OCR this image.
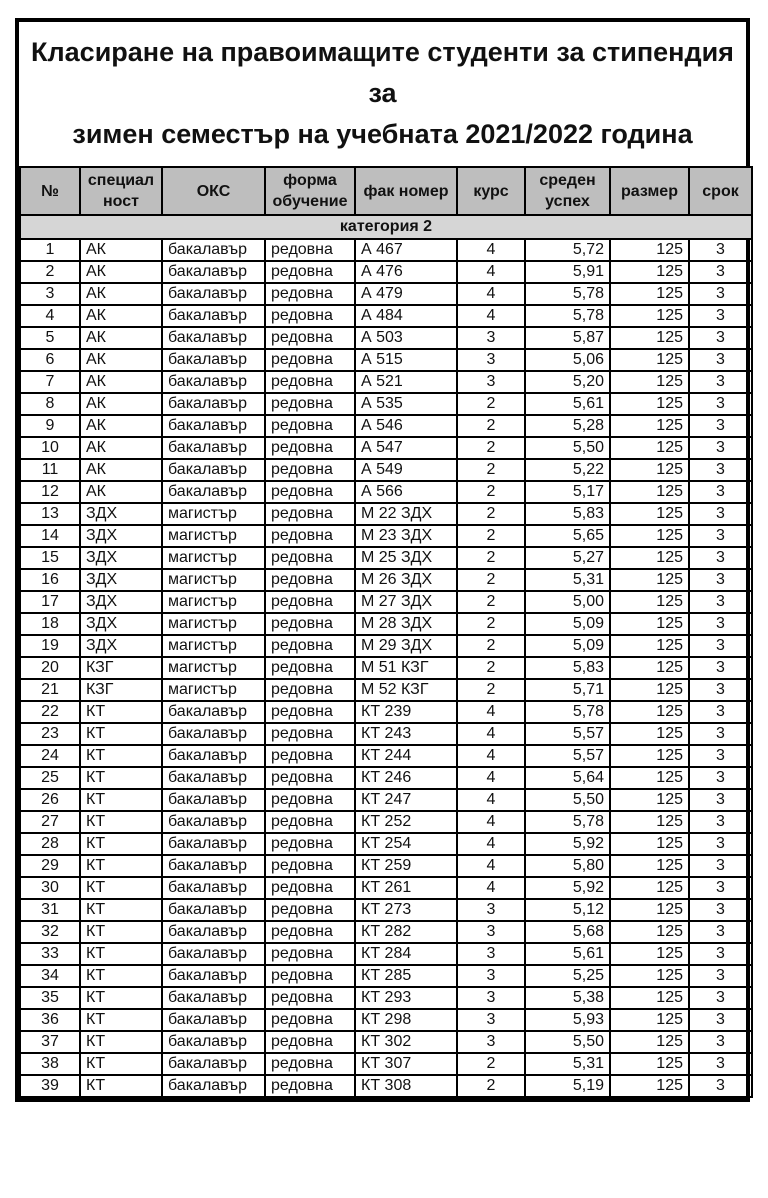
Класиране на правоимащите студенти за стипендия за
зимен семестър на учебната 2021/2022 година
№	специал ност	ОКС	форма обучение	фак номер	курс	среден успех	размер	срок
категория 2								
1	АК	бакалавър	редовна	А 467	4	5,72	125	3
2	АК	бакалавър	редовна	А 476	4	5,91	125	3
3	АК	бакалавър	редовна	А 479	4	5,78	125	3
4	АК	бакалавър	редовна	А 484	4	5,78	125	3
5	АК	бакалавър	редовна	А 503	3	5,87	125	3
6	АК	бакалавър	редовна	А 515	3	5,06	125	3
7	АК	бакалавър	редовна	А 521	3	5,20	125	3
8	АК	бакалавър	редовна	А 535	2	5,61	125	3
9	АК	бакалавър	редовна	А 546	2	5,28	125	3
10	АК	бакалавър	редовна	А 547	2	5,50	125	3
11	АК	бакалавър	редовна	А 549	2	5,22	125	3
12	АК	бакалавър	редовна	А 566	2	5,17	125	3
13	ЗДХ	магистър	редовна	М 22 ЗДХ	2	5,83	125	3
14	ЗДХ	магистър	редовна	М 23 ЗДХ	2	5,65	125	3
15	ЗДХ	магистър	редовна	М 25 ЗДХ	2	5,27	125	3
16	ЗДХ	магистър	редовна	М 26 ЗДХ	2	5,31	125	3
17	ЗДХ	магистър	редовна	М 27 ЗДХ	2	5,00	125	3
18	ЗДХ	магистър	редовна	М 28 ЗДХ	2	5,09	125	3
19	ЗДХ	магистър	редовна	М 29 ЗДХ	2	5,09	125	3
20	КЗГ	магистър	редовна	М 51 КЗГ	2	5,83	125	3
21	КЗГ	магистър	редовна	М 52 КЗГ	2	5,71	125	3
22	КТ	бакалавър	редовна	КТ 239	4	5,78	125	3
23	КТ	бакалавър	редовна	КТ 243	4	5,57	125	3
24	КТ	бакалавър	редовна	КТ 244	4	5,57	125	3
25	КТ	бакалавър	редовна	КТ 246	4	5,64	125	3
26	КТ	бакалавър	редовна	КТ 247	4	5,50	125	3
27	КТ	бакалавър	редовна	КТ 252	4	5,78	125	3
28	КТ	бакалавър	редовна	КТ 254	4	5,92	125	3
29	КТ	бакалавър	редовна	КТ 259	4	5,80	125	3
30	КТ	бакалавър	редовна	КТ 261	4	5,92	125	3
31	КТ	бакалавър	редовна	КТ 273	3	5,12	125	3
32	КТ	бакалавър	редовна	КТ 282	3	5,68	125	3
33	КТ	бакалавър	редовна	КТ 284	3	5,61	125	3
34	КТ	бакалавър	редовна	КТ 285	3	5,25	125	3
35	КТ	бакалавър	редовна	КТ 293	3	5,38	125	3
36	КТ	бакалавър	редовна	КТ 298	3	5,93	125	3
37	КТ	бакалавър	редовна	КТ 302	3	5,50	125	3
38	КТ	бакалавър	редовна	КТ 307	2	5,31	125	3
39	КТ	бакалавър	редовна	КТ 308	2	5,19	125	3
